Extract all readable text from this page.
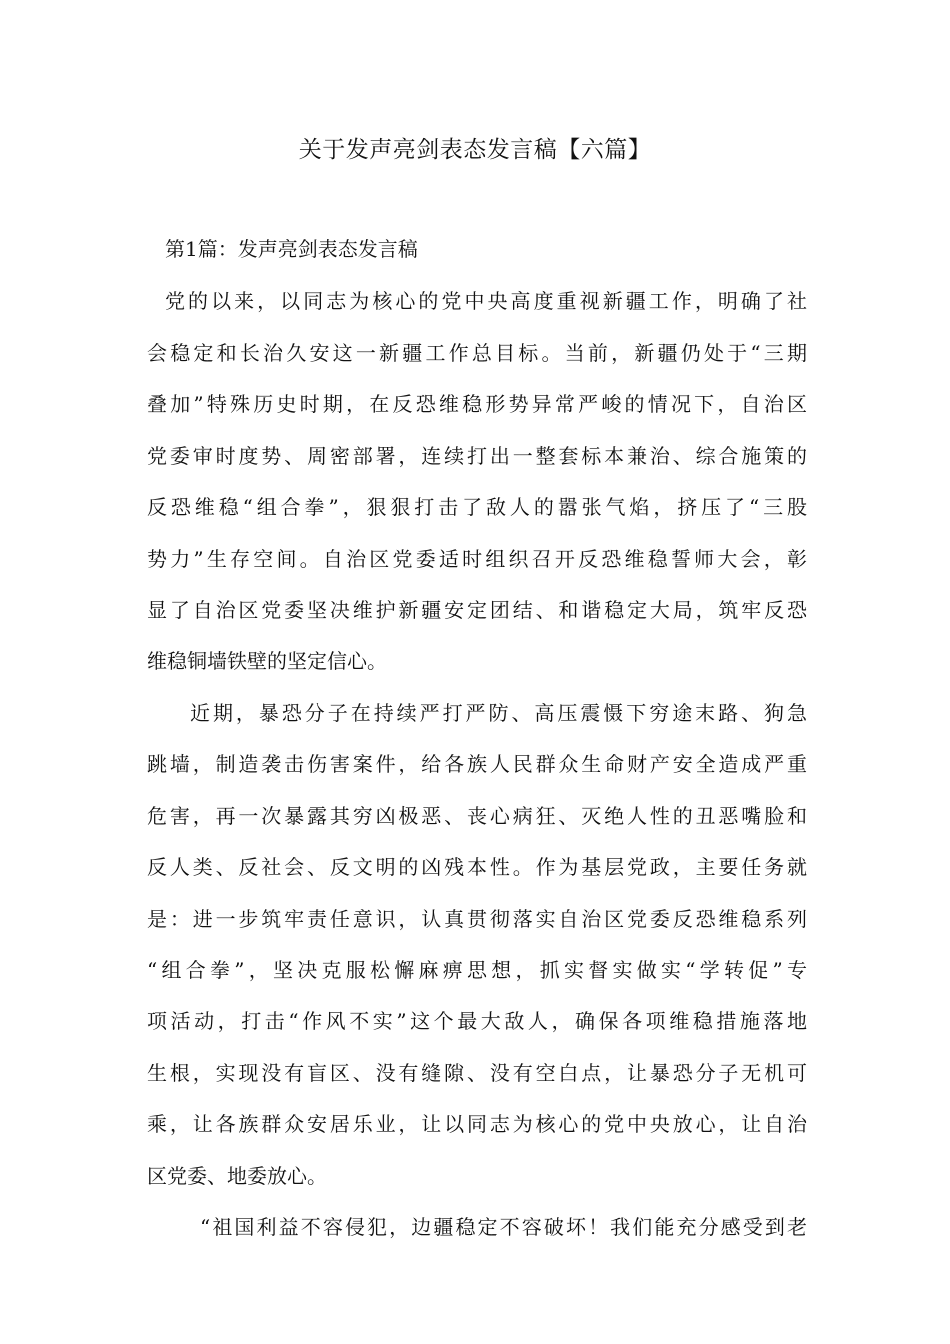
关于发声亮剑表态发言稿【六篇】
第1篇：发声亮剑表态发言稿
党的以来，以同志为核心的党中央高度重视新疆工作，明确了社
会稳定和长治久安这一新疆工作总目标。当前，新疆仍处于“三期
叠加”特殊历史时期，在反恐维稳形势异常严峻的情况下，自治区
党委审时度势、周密部署，连续打出一整套标本兼治、综合施策的
反恐维稳“组合拳”，狠狠打击了敌人的嚣张气焰，挤压了“三股
势力”生存空间。自治区党委适时组织召开反恐维稳誓师大会，彰
显了自治区党委坚决维护新疆安定团结、和谐稳定大局，筑牢反恐
维稳铜墙铁壁的坚定信心。
近期，暴恐分子在持续严打严防、高压震慑下穷途末路、狗急
跳墙，制造袭击伤害案件，给各族人民群众生命财产安全造成严重
危害，再一次暴露其穷凶极恶、丧心病狂、灭绝人性的丑恶嘴脸和
反人类、反社会、反文明的凶残本性。作为基层党政，主要任务就
是：进一步筑牢责任意识，认真贯彻落实自治区党委反恐维稳系列
“组合拳”，坚决克服松懈麻痹思想，抓实督实做实“学转促”专
项活动，打击“作风不实”这个最大敌人，确保各项维稳措施落地
生根，实现没有盲区、没有缝隙、没有空白点，让暴恐分子无机可
乘，让各族群众安居乐业，让以同志为核心的党中央放心，让自治
区党委、地委放心。
“祖国利益不容侵犯，边疆稳定不容破坏！我们能充分感受到老
